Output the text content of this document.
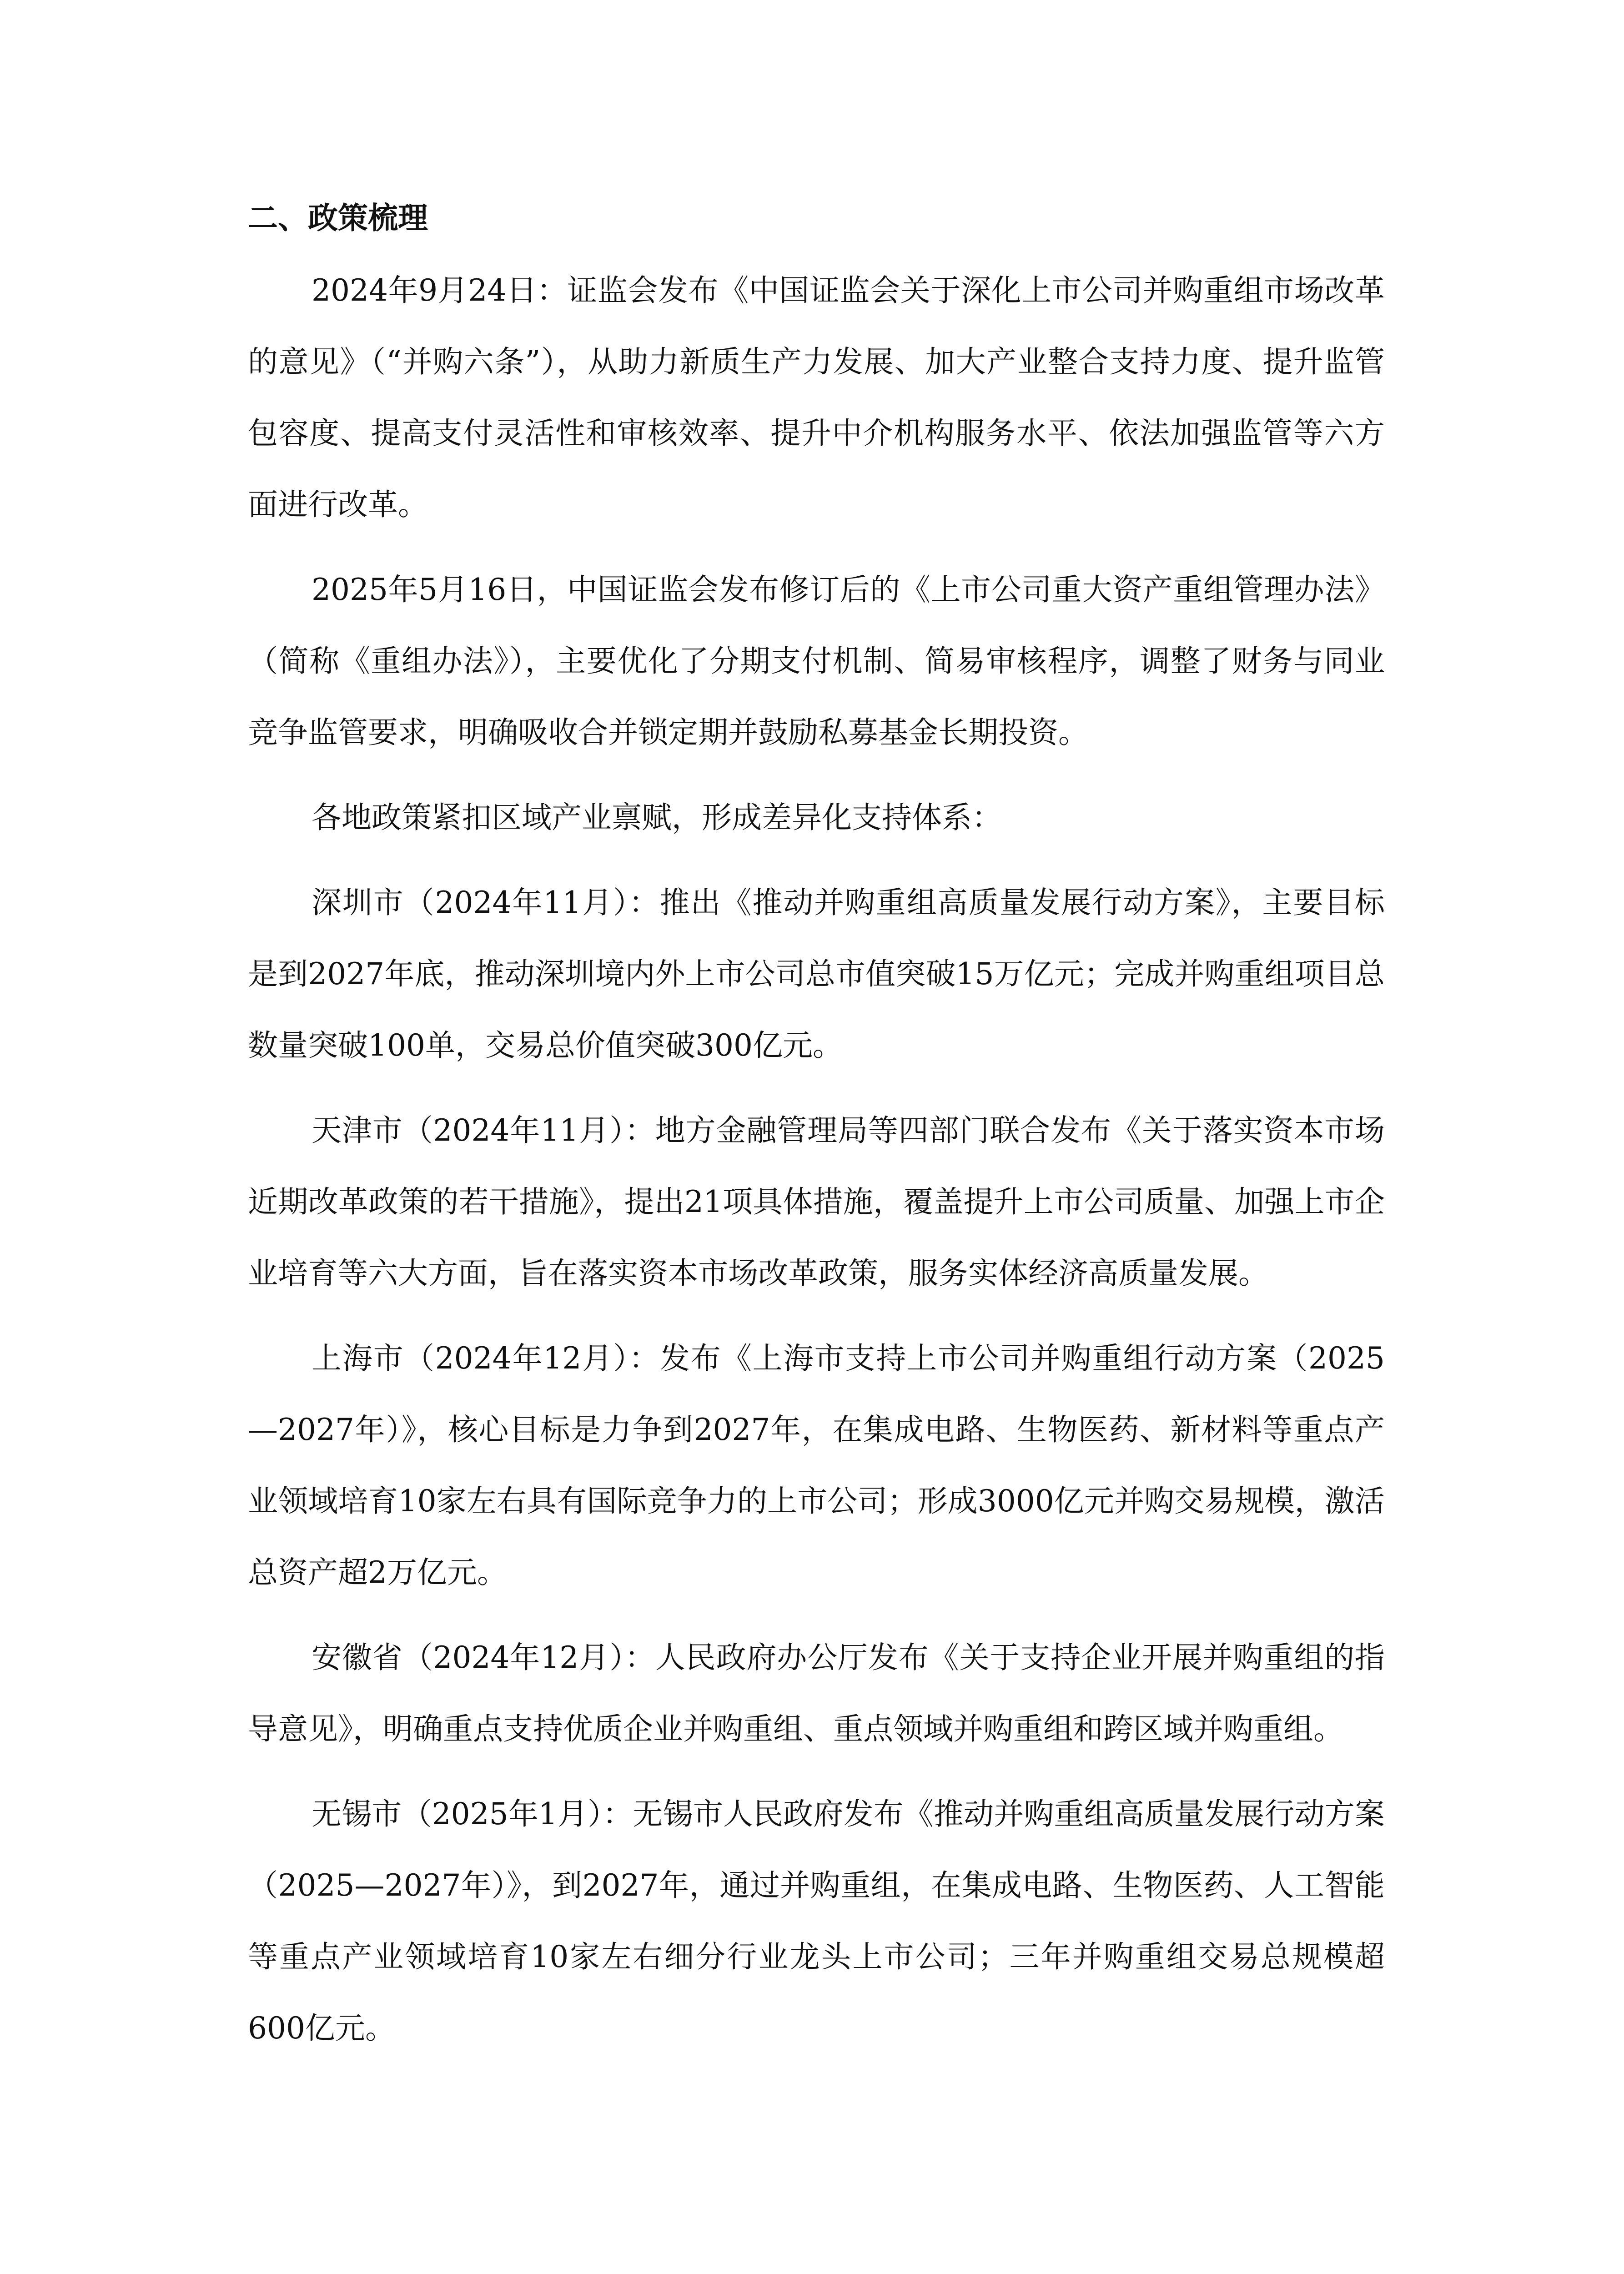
二、政策梳理

2024年9月24日：证监会发布《中国证监会关于深化上市公司并购重组市场改革的意见》（“并购六条”），从助力新质生产力发展、加大产业整合支持力度、提升监管包容度、提高支付灵活性和审核效率、提升中介机构服务水平、依法加强监管等六方面进行改革。

2025年5月16日，中国证监会发布修订后的《上市公司重大资产重组管理办法》（简称《重组办法》），主要优化了分期支付机制、简易审核程序，调整了财务与同业竞争监管要求，明确吸收合并锁定期并鼓励私募基金长期投资。

各地政策紧扣区域产业禀赋，形成差异化支持体系：

深圳市（2024年11月）：推出《推动并购重组高质量发展行动方案》，主要目标是到2027年底，推动深圳境内外上市公司总市值突破15万亿元；完成并购重组项目总数量突破100单，交易总价值突破300亿元。

天津市（2024年11月）：地方金融管理局等四部门联合发布《关于落实资本市场近期改革政策的若干措施》，提出21项具体措施，覆盖提升上市公司质量、加强上市企业培育等六大方面，旨在落实资本市场改革政策，服务实体经济高质量发展。

上海市（2024年12月）：发布《上海市支持上市公司并购重组行动方案（2025—2027年）》，核心目标是力争到2027年，在集成电路、生物医药、新材料等重点产业领域培育10家左右具有国际竞争力的上市公司；形成3000亿元并购交易规模，激活总资产超2万亿元。

安徽省（2024年12月）：人民政府办公厅发布《关于支持企业开展并购重组的指导意见》，明确重点支持优质企业并购重组、重点领域并购重组和跨区域并购重组。

无锡市（2025年1月）：无锡市人民政府发布《推动并购重组高质量发展行动方案（2025—2027年）》，到2027年，通过并购重组，在集成电路、生物医药、人工智能等重点产业领域培育10家左右细分行业龙头上市公司；三年并购重组交易总规模超600亿元。
